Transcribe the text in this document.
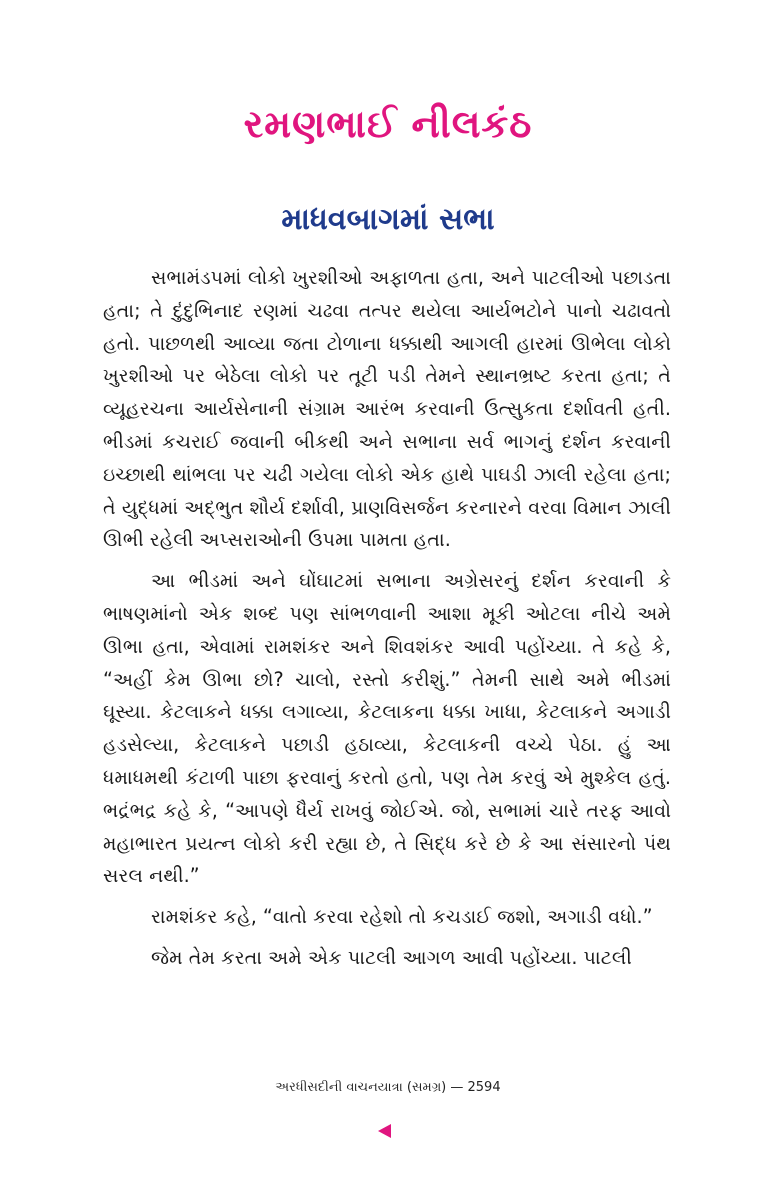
રમણભાઈ નીલકંઠ
માધવબાગમાં સભા

સભામંડપમાં લોકો ખુરશીઓ અફાળતા હતા, અને પાટલીઓ પછાડતા હતા; તે દુંદુભિનાદ રણમાં ચઢવા તત્પર થયેલા આર્યભટોને પાનો ચઢાવતો હતો. પાછળથી આવ્યા જતા ટોળાના ધક્કાથી આગલી હારમાં ઊભેલા લોકો ખુરશીઓ પર બેઠેલા લોકો પર તૂટી પડી તેમને સ્થાનભ્રષ્ટ કરતા હતા; તે વ્યૂહરચના આર્યસેનાની સંગ્રામ આરંભ કરવાની ઉત્સુકતા દર્શાવતી હતી. ભીડમાં કચરાઈ જવાની બીકથી અને સભાના સર્વ ભાગનું દર્શન કરવાની ઇચ્છાથી થાંભલા પર ચઢી ગયેલા લોકો એક હાથે પાઘડી ઝાલી રહેલા હતા; તે યુદ્ધમાં અદ્ભુત શૌર્ય દર્શાવી, પ્રાણવિસર્જન કરનારને વરવા વિમાન ઝાલી ઊભી રહેલી અપ્સરાઓની ઉપમા પામતા હતા.

આ ભીડમાં અને ઘોંઘાટમાં સભાના અગ્રેસરનું દર્શન કરવાની કે ભાષણમાંનો એક શબ્દ પણ સાંભળવાની આશા મૂકી ઓટલા નીચે અમે ઊભા હતા, એવામાં રામશંકર અને શિવશંકર આવી પહોંચ્યા. તે કહે કે, “અહીં કેમ ઊભા છો? ચાલો, રસ્તો કરીશું.” તેમની સાથે અમે ભીડમાં ઘૂસ્યા. કેટલાકને ધક્કા લગાવ્યા, કેટલાકના ધક્કા ખાધા, કેટલાકને અગાડી હડસેલ્યા, કેટલાકને પછાડી હઠાવ્યા, કેટલાકની વચ્ચે પેઠા. હું આ ધમાધમથી કંટાળી પાછા ફરવાનું કરતો હતો, પણ તેમ કરવું એ મુશ્કેલ હતું. ભદ્રંભદ્ર કહે કે, “આપણે ધૈર્ય રાખવું જોઈએ. જો, સભામાં ચારે તરફ આવો મહાભારત પ્રયત્ન લોકો કરી રહ્યા છે, તે સિદ્ધ કરે છે કે આ સંસારનો પંથ સરલ નથી.”

રામશંકર કહે, “વાતો કરવા રહેશો તો કચડાઈ જશો, અગાડી વધો.”

જેમ તેમ કરતા અમે એક પાટલી આગળ આવી પહોંચ્યા. પાટલી

અરધીસદીની વાચનયાત્રા (સમગ્ર) — 2594
